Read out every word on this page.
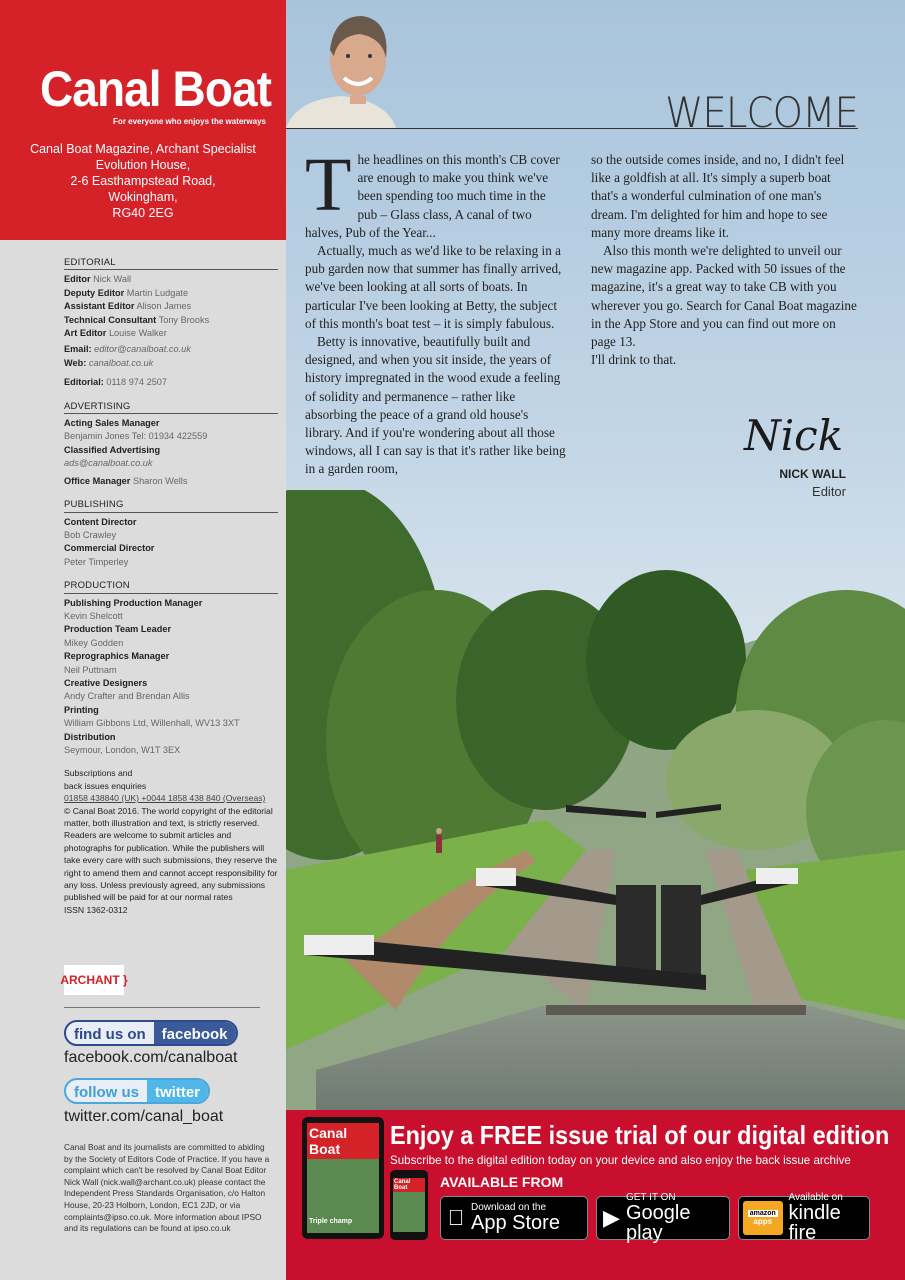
Canal Boat
For everyone who enjoys the waterways
Canal Boat Magazine, Archant Specialist
Evolution House,
2-6 Easthampstead Road,
Wokingham,
RG40 2EG
EDITORIAL
Editor Nick Wall
Deputy Editor Martin Ludgate
Assistant Editor Alison James
Technical Consultant Tony Brooks
Art Editor Louise Walker
Email: editor@canalboat.co.uk
Web: canalboat.co.uk
Editorial: 0118 974 2507
ADVERTISING
Acting Sales Manager
Benjamin Jones Tel: 01934 422559
Classified Advertising
ads@canalboat.co.uk
Office Manager Sharon Wells
PUBLISHING
Content Director
Bob Crawley
Commercial Director
Peter Timperley
PRODUCTION
Publishing Production Manager
Kevin Shelcott
Production Team Leader
Mikey Godden
Reprographics Manager
Neil Puttnam
Creative Designers
Andy Crafter and Brendan Allis
Printing
William Gibbons Ltd, Willenhall, WV13 3XT
Distribution
Seymour, London, W1T 3EX
Subscriptions and
back issues enquiries
01858 438840 (UK) +0044 1858 438 840 (Overseas)
© Canal Boat 2016. The world copyright of the editorial matter, both illustration and text, is strictly reserved. Readers are welcome to submit articles and photographs for publication. While the publishers will take every care with such submissions, they reserve the right to amend them and cannot accept responsibility for any loss. Unless previously agreed, any submissions published will be paid for at our normal rates
ISSN 1362-0312
ARCHANT }
find us on	facebook
facebook.com/canalboat
follow us	twitter
twitter.com/canal_boat
Canal Boat and its journalists are committed to abiding by the Society of Editors Code of Practice. If you have a complaint which can't be resolved by Canal Boat Editor Nick Wall (nick.wall@archant.co.uk) please contact the Independent Press Standards Organisation, c/o Halton House, 20-23 Holborn, London, EC1 2JD, or via complaints@ipso.co.uk. More information about IPSO and its regulations can be found at ipso.co.uk
WELCOME

The headlines on this month's CB cover are enough to make you think we've been spending too much time in the pub – Glass class, A canal of two halves, Pub of the Year...

Actually, much as we'd like to be relaxing in a pub garden now that summer has finally arrived, we've been looking at all sorts of boats. In particular I've been looking at Betty, the subject of this month's boat test – it is simply fabulous.

Betty is innovative, beautifully built and designed, and when you sit inside, the years of history impregnated in the wood exude a feeling of solidity and permanence – rather like absorbing the peace of a grand old house's library. And if you're wondering about all those windows, all I can say is that it's rather like being in a garden room,

so the outside comes inside, and no, I didn't feel like a goldfish at all. It's simply a superb boat that's a wonderful culmination of one man's dream. I'm delighted for him and hope to see many more dreams like it.

Also this month we're delighted to unveil our new magazine app. Packed with 50 issues of the magazine, it's a great way to take CB with you wherever you go. Search for Canal Boat magazine in the App Store and you can find out more on page 13.

I'll drink to that.

Nick
NICK WALL
Editor
Canal Boat
Triple champ
Canal Boat
Enjoy a FREE issue trial of our digital edition
Subscribe to the digital edition today on your device and also enjoy the back issue archive
AVAILABLE FROM
Download on the
App Store ▶
GET IT ON
Google play
amazon
apps
Available on
kindle fire
